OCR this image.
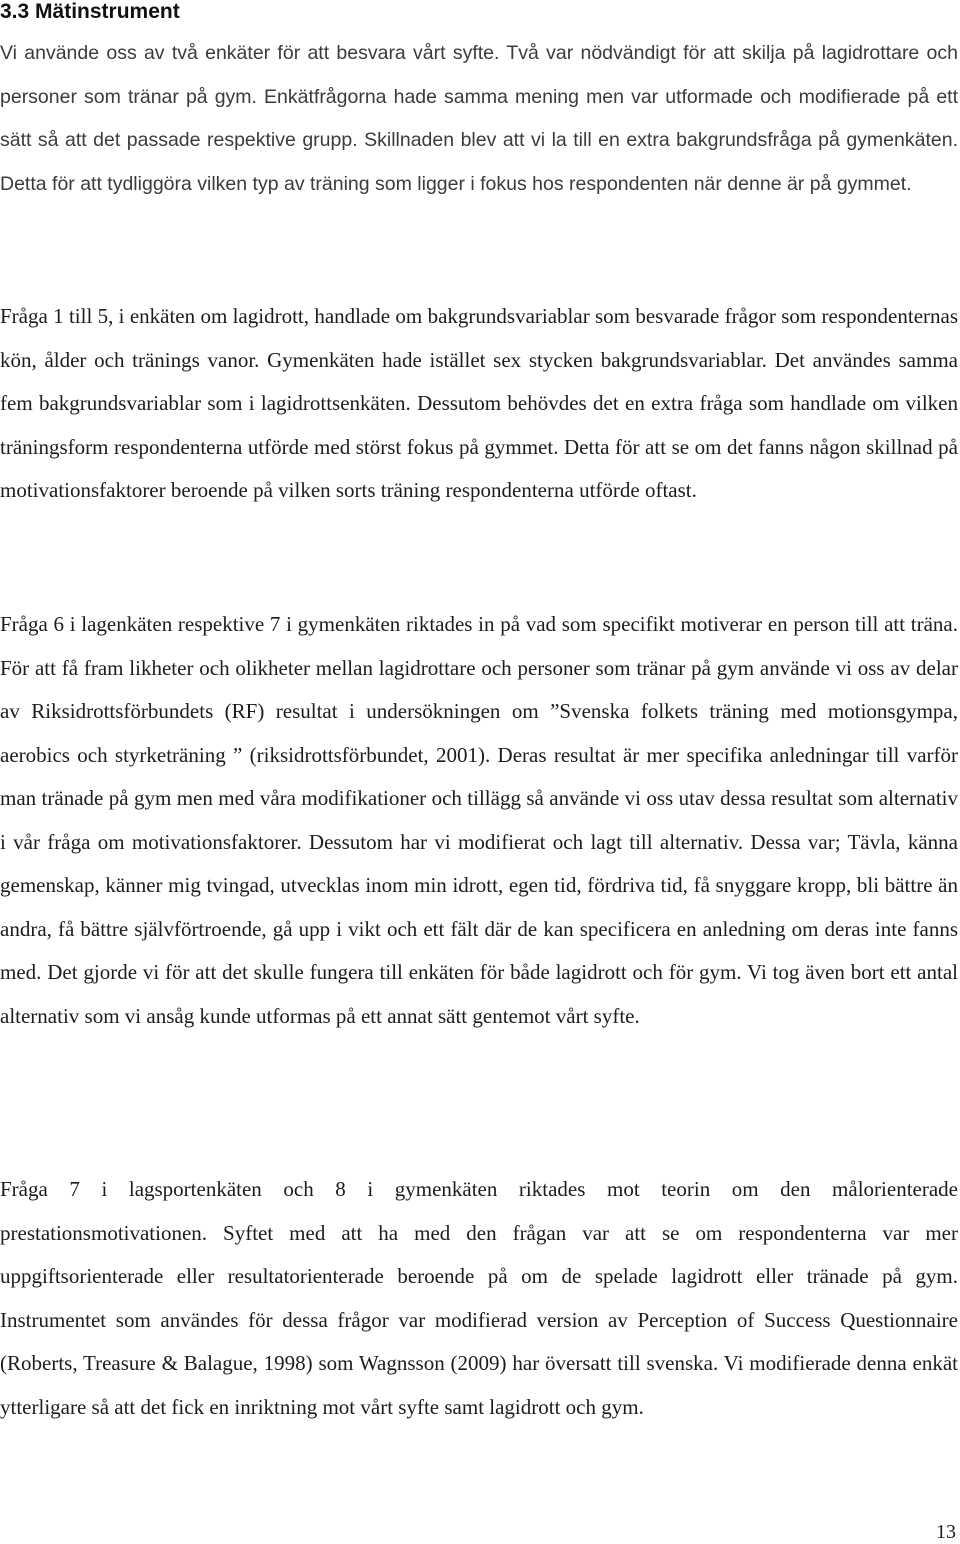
3.3 Mätinstrument

Vi använde oss av två enkäter för att besvara vårt syfte. Två var nödvändigt för att skilja på lagidrottare och personer som tränar på gym. Enkätfrågorna hade samma mening men var utformade och modifierade på ett sätt så att det passade respektive grupp. Skillnaden blev att vi la till en extra bakgrundsfråga på gymenkäten. Detta för att tydliggöra vilken typ av träning som ligger i fokus hos respondenten när denne är på gymmet.

Fråga 1 till 5, i enkäten om lagidrott, handlade om bakgrundsvariablar som besvarade frågor som respondenternas kön, ålder och tränings vanor. Gymenkäten hade istället sex stycken bakgrundsvariablar. Det användes samma fem bakgrundsvariablar som i lagidrottsenkäten. Dessutom behövdes det en extra fråga som handlade om vilken träningsform respondenterna utförde med störst fokus på gymmet. Detta för att se om det fanns någon skillnad på motivationsfaktorer beroende på vilken sorts träning respondenterna utförde oftast.

Fråga 6 i lagenkäten respektive 7 i gymenkäten riktades in på vad som specifikt motiverar en person till att träna. För att få fram likheter och olikheter mellan lagidrottare och personer som tränar på gym använde vi oss av delar av Riksidrottsförbundets (RF) resultat i undersökningen om ”Svenska folkets träning med motionsgympa, aerobics och styrketräning ” (riksidrottsförbundet, 2001). Deras resultat är mer specifika anledningar till varför man tränade på gym men med våra modifikationer och tillägg så använde vi oss utav dessa resultat som alternativ i vår fråga om motivationsfaktorer. Dessutom har vi modifierat och lagt till alternativ. Dessa var; Tävla, känna gemenskap, känner mig tvingad, utvecklas inom min idrott, egen tid, fördriva tid, få snyggare kropp, bli bättre än andra, få bättre självförtroende, gå upp i vikt och ett fält där de kan specificera en anledning om deras inte fanns med. Det gjorde vi för att det skulle fungera till enkäten för både lagidrott och för gym. Vi tog även bort ett antal alternativ som vi ansåg kunde utformas på ett annat sätt gentemot vårt syfte.

Fråga 7 i lagsportenkäten och 8 i gymenkäten riktades mot teorin om den målorienterade prestationsmotivationen. Syftet med att ha med den frågan var att se om respondenterna var mer uppgiftsorienterade eller resultatorienterade beroende på om de spelade lagidrott eller tränade på gym. Instrumentet som användes för dessa frågor var modifierad version av Perception of Success Questionnaire (Roberts, Treasure & Balague, 1998) som Wagnsson (2009) har översatt till svenska. Vi modifierade denna enkät ytterligare så att det fick en inriktning mot vårt syfte samt lagidrott och gym.

13
